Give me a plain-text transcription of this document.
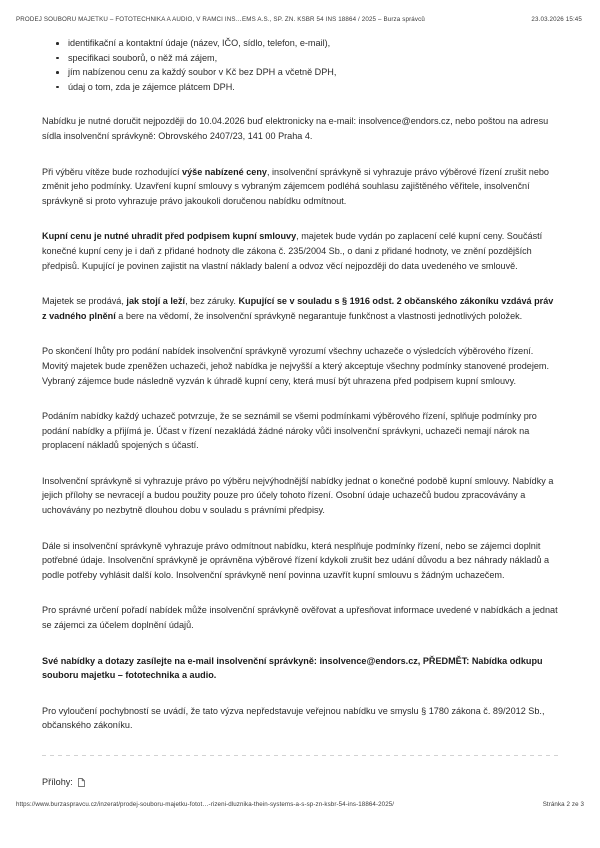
PRODEJ SOUBORU MAJETKU – FOTOTECHNIKA A AUDIO, V RAMCI INS…EMS A.S., SP. ZN. KSBR 54 INS 18864 / 2025 – Burza správců	23.03.2026 15:45
identifikační a kontaktní údaje (název, IČO, sídlo, telefon, e-mail),
specifikaci souborů, o něž má zájem,
jím nabízenou cenu za každý soubor v Kč bez DPH a včetně DPH,
údaj o tom, zda je zájemce plátcem DPH.

Nabídku je nutné doručit nejpozději do 10.04.2026 buď elektronicky na e-mail: insolvence@endors.cz, nebo poštou na adresu sídla insolvenční správkyně: Obrovského 2407/23, 141 00 Praha 4.

Při výběru vítěze bude rozhodující výše nabízené ceny, insolvenční správkyně si vyhrazuje právo výběrové řízení zrušit nebo změnit jeho podmínky. Uzavření kupní smlouvy s vybraným zájemcem podléhá souhlasu zajištěného věřitele, insolvenční správkyně si proto vyhrazuje právo jakoukoli doručenou nabídku odmítnout.

Kupní cenu je nutné uhradit před podpisem kupní smlouvy, majetek bude vydán po zaplacení celé kupní ceny. Součástí konečné kupní ceny je i daň z přidané hodnoty dle zákona č. 235/2004 Sb., o dani z přidané hodnoty, ve znění pozdějších předpisů. Kupující je povinen zajistit na vlastní náklady balení a odvoz věcí nejpozději do data uvedeného ve smlouvě.

Majetek se prodává, jak stojí a leží, bez záruky. Kupující se v souladu s § 1916 odst. 2 občanského zákoníku vzdává práv z vadného plnění a bere na vědomí, že insolvenční správkyně negarantuje funkčnost a vlastnosti jednotlivých položek.

Po skončení lhůty pro podání nabídek insolvenční správkyně vyrozumí všechny uchazeče o výsledcích výběrového řízení. Movitý majetek bude zpeněžen uchazeči, jehož nabídka je nejvyšší a který akceptuje všechny podmínky stanovené prodejem. Vybraný zájemce bude následně vyzván k úhradě kupní ceny, která musí být uhrazena před podpisem kupní smlouvy.

Podáním nabídky každý uchazeč potvrzuje, že se seznámil se všemi podmínkami výběrového řízení, splňuje podmínky pro podání nabídky a přijímá je. Účast v řízení nezakládá žádné nároky vůči insolvenční správkyni, uchazeči nemají nárok na proplacení nákladů spojených s účastí.

Insolvenční správkyně si vyhrazuje právo po výběru nejvýhodnější nabídky jednat o konečné podobě kupní smlouvy. Nabídky a jejich přílohy se nevracejí a budou použity pouze pro účely tohoto řízení. Osobní údaje uchazečů budou zpracovávány a uchovávány po nezbytně dlouhou dobu v souladu s právními předpisy.

Dále si insolvenční správkyně vyhrazuje právo odmítnout nabídku, která nesplňuje podmínky řízení, nebo se zájemci doplnit potřebné údaje. Insolvenční správkyně je oprávněna výběrové řízení kdykoli zrušit bez udání důvodu a bez náhrady nákladů a podle potřeby vyhlásit další kolo. Insolvenční správkyně není povinna uzavřít kupní smlouvu s žádným uchazečem.

Pro správné určení pořadí nabídek může insolvenční správkyně ověřovat a upřesňovat informace uvedené v nabídkách a jednat se zájemci za účelem doplnění údajů.

Své nabídky a dotazy zasílejte na e-mail insolvenční správkyně: insolvence@endors.cz, PŘEDMĚT: Nabídka odkupu souboru majetku – fototechnika a audio.

Pro vyloučení pochybností se uvádí, že tato výzva nepředstavuje veřejnou nabídku ve smyslu § 1780 zákona č. 89/2012 Sb., občanského zákoníku.

Přílohy:
https://www.burzaspravcu.cz/inzerat/prodej-souboru-majetku-fotot…-rizeni-dluznika-thein-systems-a-s-sp-zn-ksbr-54-ins-18864-2025/	Stránka 2 ze 3
